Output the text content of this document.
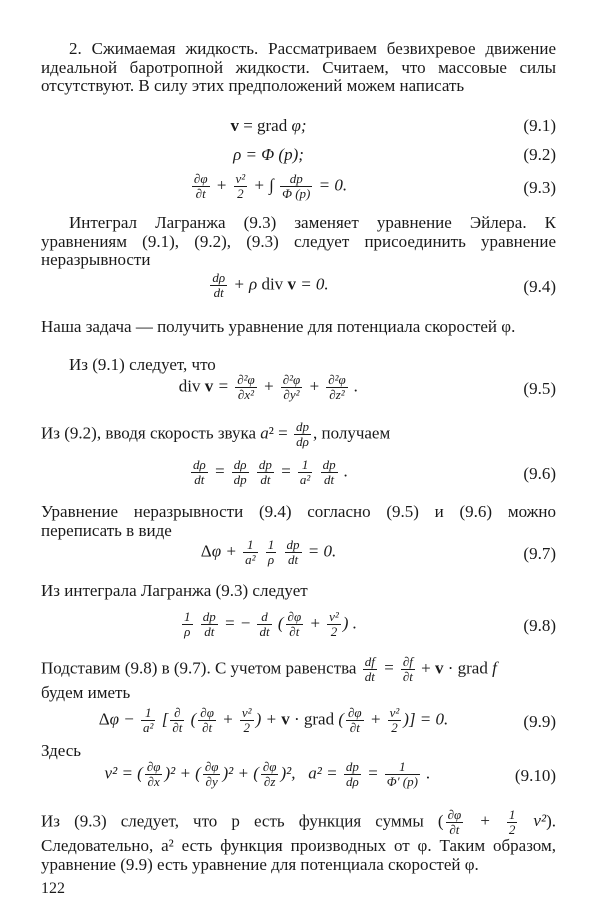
2. Сжимаемая жидкость. Рассматриваем безвихревое движение идеальной баротропной жидкости. Считаем, что массовые силы отсутствуют. В силу этих предположений можем написать

v = grad φ;	(9.1)
ρ = Φ (p);	(9.2)
$\frac{\partial\varphi}{\partial t} + \frac{\text{v²}}{2}$ + ∫ $\frac{dp}{\Phi (p)} = 0$.	(9.3)

Интеграл Лагранжа (9.3) заменяет уравнение Эйлера. К уравнениям (9.1), (9.2), (9.3) следует присоединить уравнение неразрывности

$\frac{d\rho}{dt} + \rho$ div v = 0.	(9.4)

Наша задача — получить уравнение для потенциала скоростей φ.

Из (9.1) следует, что

div $v = \frac{\text{∂²φ}}{\text{∂x²}} + \frac{\text{∂²φ}}{\text{∂y²}} + \frac{\text{∂²φ}}{\text{∂z²}}$ .	(9.5)

Из (9.2), вводя скорость звука $a^2 = \frac{dp}{d\rho}$ , получаем

$\frac{d\rho}{dt} = \frac{d\rho}{dp}$
$\frac{dp}{dt} = \frac{1}{\text{a²}}$
$\frac{dp}{dt}$ .	(9.6)

Уравнение неразрывности (9.4) согласно (9.5) и (9.6) можно переписать в виде

$\Delta\varphi + \frac{1}{\text{a²}}$
$\frac{1}{\rho}$
$\frac{dp}{dt} = 0$.	(9.7)

Из интеграла Лагранжа (9.3) следует

$\frac{1}{\rho}$
$\frac{dp}{dt}$ = − $\frac{d}{dt}$ ( $\frac{\partial\varphi}{\partial t} + \frac{\text{v²}}{2}$ ) .	(9.8)

Подставим (9.8) в (9.7). С учетом равенства $\frac{df}{dt} = \frac{\partial f}{\partial t} + v$ · grad f
будем иметь

$\Delta\varphi - \frac{1}{\text{a²}}$ [ $\frac{\partial}{\partial t}$ ( $\frac{\partial\varphi}{\partial t} + \frac{\text{v²}}{2}$ ) + v · grad ( $\frac{\partial\varphi}{\partial t} + \frac{\text{v²}}{2}$ )] = 0.	(9.9)

Здесь

v² = ( $\frac{\partial\varphi}{\partial x} )^2$ + ( $\frac{\partial\varphi}{\partial y} )^2$ + ( $\frac{\partial\varphi}{\partial z} )^2$,   $a^2 = \frac{dp}{d\rho} = \frac{1}{\Phi' (p)}$ .	(9.10)

Из (9.3) следует, что p есть функция суммы ( $\frac{\partial\varphi}{\partial t} + \frac{1}{2} v^2$). Следовательно, a² есть функция производных от φ. Таким образом, уравнение (9.9) есть уравнение для потенциала скоростей φ.

122
